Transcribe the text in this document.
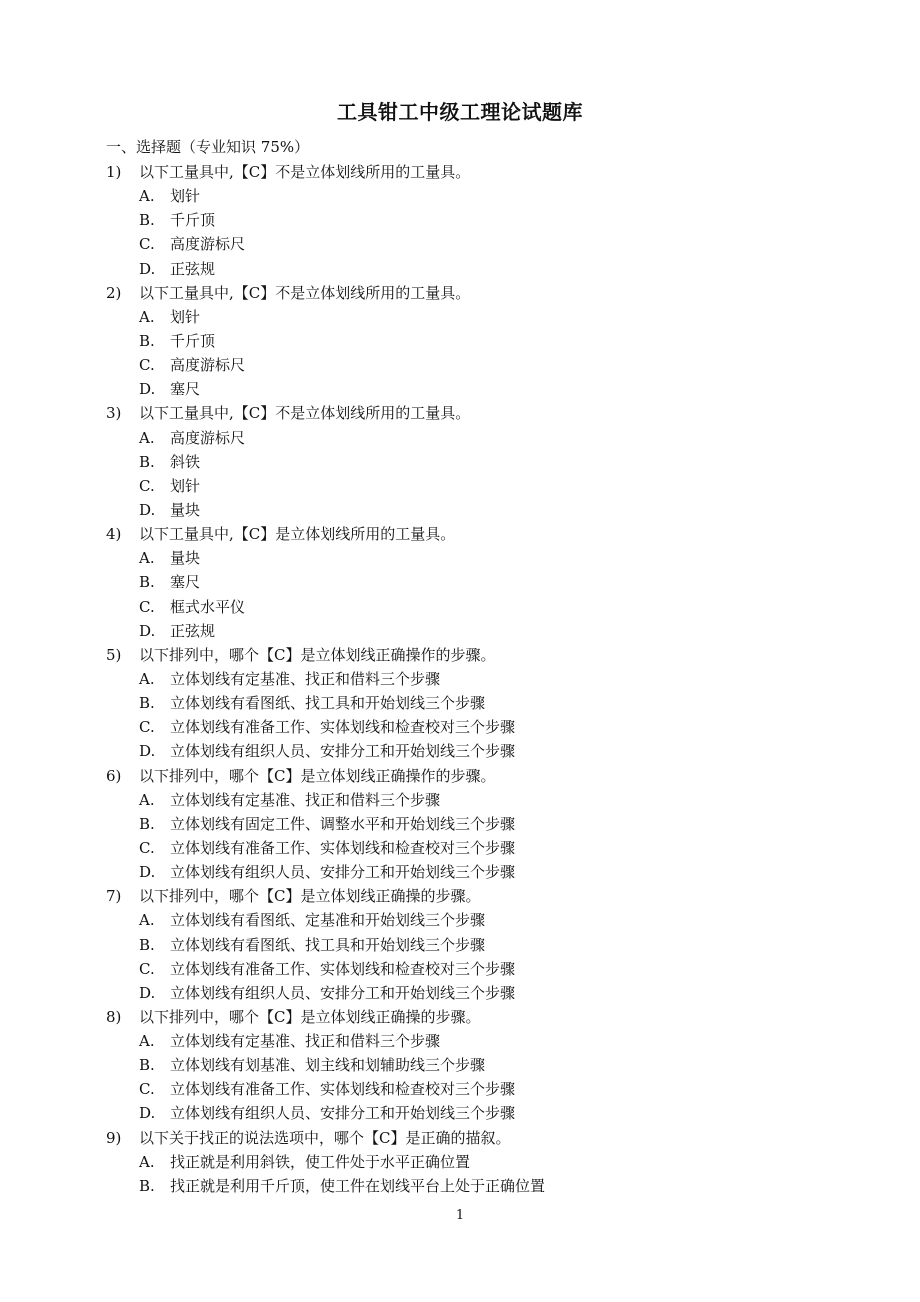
工具钳工中级工理论试题库
一、选择题（专业知识 75%）
1) 以下工量具中,【C】不是立体划线所用的工量具。
A. 划针
B. 千斤顶
C. 高度游标尺
D. 正弦规
2) 以下工量具中,【C】不是立体划线所用的工量具。
A. 划针
B. 千斤顶
C. 高度游标尺
D. 塞尺
3) 以下工量具中,【C】不是立体划线所用的工量具。
A. 高度游标尺
B. 斜铁
C. 划针
D. 量块
4) 以下工量具中,【C】是立体划线所用的工量具。
A. 量块
B. 塞尺
C. 框式水平仪
D. 正弦规
5) 以下排列中，哪个【C】是立体划线正确操作的步骤。
A. 立体划线有定基准、找正和借料三个步骤
B. 立体划线有看图纸、找工具和开始划线三个步骤
C. 立体划线有准备工作、实体划线和检查校对三个步骤
D. 立体划线有组织人员、安排分工和开始划线三个步骤
6) 以下排列中，哪个【C】是立体划线正确操作的步骤。
A. 立体划线有定基准、找正和借料三个步骤
B. 立体划线有固定工件、调整水平和开始划线三个步骤
C. 立体划线有准备工作、实体划线和检查校对三个步骤
D. 立体划线有组织人员、安排分工和开始划线三个步骤
7) 以下排列中，哪个【C】是立体划线正确操的步骤。
A. 立体划线有看图纸、定基准和开始划线三个步骤
B. 立体划线有看图纸、找工具和开始划线三个步骤
C. 立体划线有准备工作、实体划线和检查校对三个步骤
D. 立体划线有组织人员、安排分工和开始划线三个步骤
8) 以下排列中，哪个【C】是立体划线正确操的步骤。
A. 立体划线有定基准、找正和借料三个步骤
B. 立体划线有划基准、划主线和划辅助线三个步骤
C. 立体划线有准备工作、实体划线和检查校对三个步骤
D. 立体划线有组织人员、安排分工和开始划线三个步骤
9) 以下关于找正的说法选项中，哪个【C】是正确的描叙。
A. 找正就是利用斜铁，使工件处于水平正确位置
B. 找正就是利用千斤顶，使工件在划线平台上处于正确位置
1
